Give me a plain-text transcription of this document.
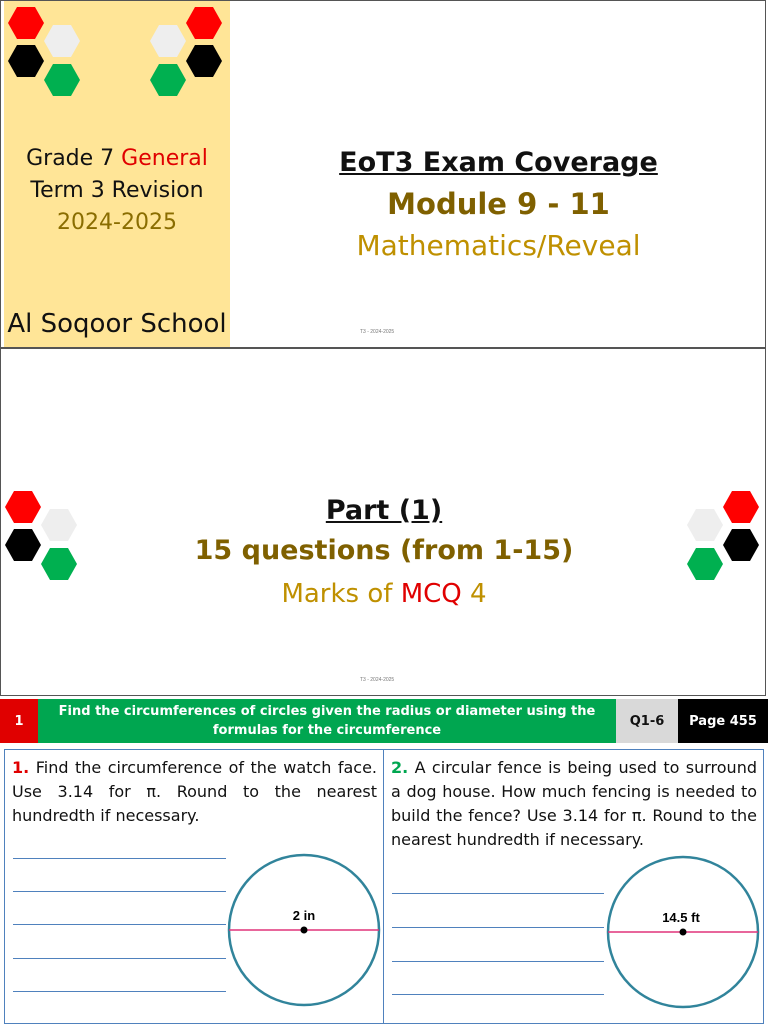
Grade 7 General
Term 3 Revision
2024-2025
Al Soqoor School
EoT3 Exam Coverage
Module 9 - 11
Mathematics/Reveal
T3 - 2024-2025
Part (1)
15 questions (from 1-15)
Marks of MCQ 4
T3 - 2024-2025
1
Find the circumferences of circles given the radius or diameter using the formulas for the circumference
Q1-6	Page 455
1. Find the circumference of the watch face. Use 3.14 for π. Round to the nearest hundredth if necessary.
2 in
2. A circular fence is being used to surround a dog house. How much fencing is needed to build the fence? Use 3.14 for π. Round to the nearest hundredth if necessary.
14.5 ft
